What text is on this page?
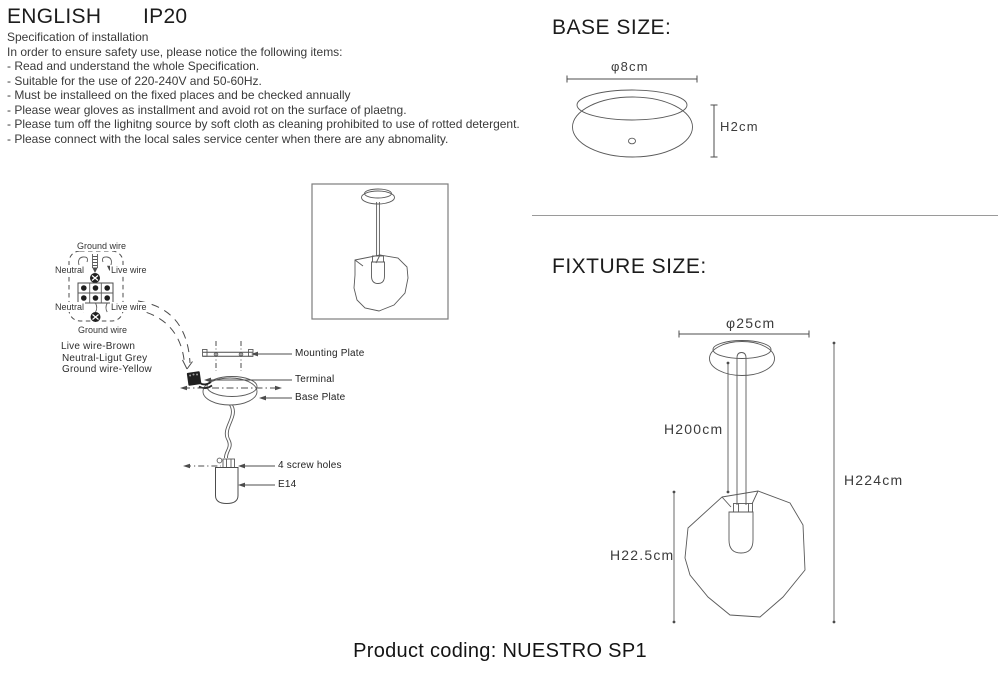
ENGLISH IP20
Specification of installation
In order to ensure safety use, please notice the following items:
- Read and understand the whole Specification.
- Suitable for the use of 220-240V and 50-60Hz.
- Must be installeed on the fixed places and be checked annually
- Please wear gloves as installment and avoid rot on the surface of plaetng.
- Please tum off the lighitng source by soft cloth as cleaning prohibited to use of rotted detergent.
- Please connect with the local sales service center when there are any abnomality.
Ground wire
Neutral	Live wire
Neutral	Live wire
Ground wire
Live wire-Brown
Neutral-Ligut Grey
Ground wire-Yellow
Mounting Plate
Terminal
Base Plate
4 screw holes
E14
BASE SIZE:
φ8cm
H2cm
FIXTURE SIZE:
φ25cm
H200cm
H224cm
H22.5cm
Product coding: NUESTRO SP1
